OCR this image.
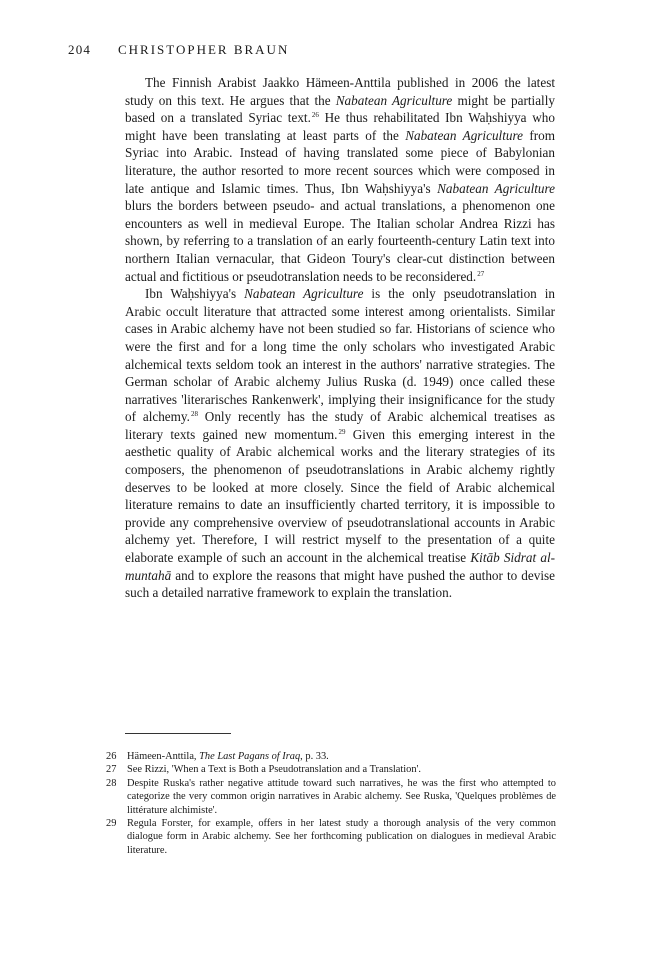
204 CHRISTOPHER BRAUN

The Finnish Arabist Jaakko Hämeen-Anttila published in 2006 the latest study on this text. He argues that the Nabatean Agriculture might be partially based on a translated Syriac text.$^{26}$ He thus rehabilitated Ibn Waḥshiyya who might have been translating at least parts of the Nabatean Agriculture from Syriac into Arabic. Instead of having translated some piece of Babylonian literature, the author resorted to more recent sources which were composed in late antique and Islamic times. Thus, Ibn Waḥshiyya's Nabatean Agriculture blurs the borders between pseudo- and actual translations, a phenomenon one encounters as well in medieval Europe. The Italian scholar Andrea Rizzi has shown, by referring to a translation of an early fourteenth-century Latin text into northern Italian vernacular, that Gideon Toury's clear-cut distinction between actual and fictitious or pseudotranslation needs to be reconsidered.$^{27}$

Ibn Waḥshiyya's Nabatean Agriculture is the only pseudotranslation in Arabic occult literature that attracted some interest among orientalists. Similar cases in Arabic alchemy have not been studied so far. Historians of science who were the first and for a long time the only scholars who investigated Arabic alchemical texts seldom took an interest in the authors' narrative strategies. The German scholar of Arabic alchemy Julius Ruska (d. 1949) once called these narratives 'literarisches Rankenwerk', implying their insignificance for the study of alchemy.$^{28}$ Only recently has the study of Arabic alchemical treatises as literary texts gained new momentum.$^{29}$ Given this emerging interest in the aesthetic quality of Arabic alchemical works and the literary strategies of its composers, the phenomenon of pseudotranslations in Arabic alchemy rightly deserves to be looked at more closely. Since the field of Arabic alchemical literature remains to date an insufficiently charted territory, it is impossible to provide any comprehensive overview of pseudotranslational accounts in Arabic alchemy yet. Therefore, I will restrict myself to the presentation of a quite elaborate example of such an account in the alchemical treatise Kitāb Sidrat al-muntahā and to explore the reasons that might have pushed the author to devise such a detailed narrative framework to explain the translation.

26	Hämeen-Anttila, The Last Pagans of Iraq, p. 33.
27	See Rizzi, 'When a Text is Both a Pseudotranslation and a Translation'.
28	Despite Ruska's rather negative attitude toward such narratives, he was the first who attempted to categorize the very common origin narratives in Arabic alchemy. See Ruska, 'Quelques problèmes de littérature alchimiste'.
29	Regula Forster, for example, offers in her latest study a thorough analysis of the very common dialogue form in Arabic alchemy. See her forthcoming publication on dialogues in medieval Arabic literature.
